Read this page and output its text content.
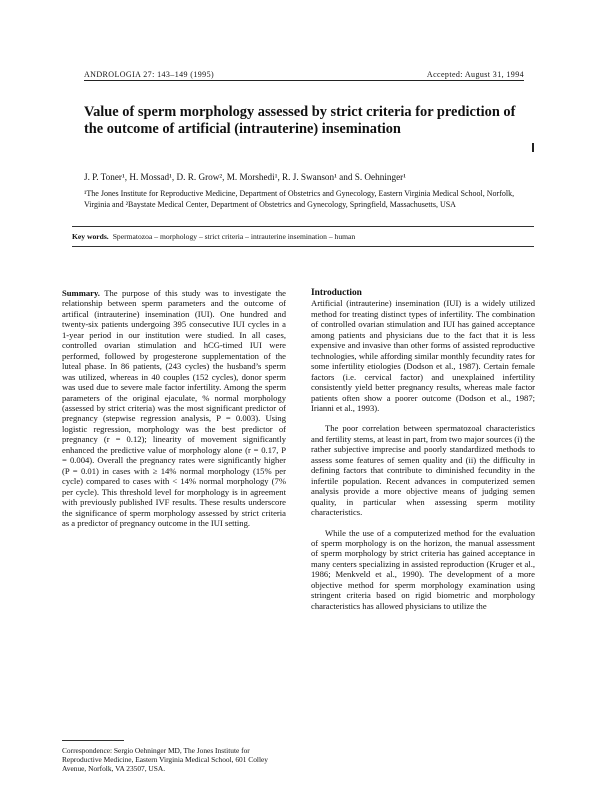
ANDROLOGIA 27: 143–149 (1995)	Accepted: August 31, 1994
Value of sperm morphology assessed by strict criteria for prediction of the outcome of artificial (intrauterine) insemination
J. P. Toner¹, H. Mossad¹, D. R. Grow², M. Morshedi¹, R. J. Swanson¹ and S. Oehninger¹
¹The Jones Institute for Reproductive Medicine, Department of Obstetrics and Gynecology, Eastern Virginia Medical School, Norfolk, Virginia and ²Baystate Medical Center, Department of Obstetrics and Gynecology, Springfield, Massachusetts, USA
Key words. Spermatozoa – morphology – strict criteria – intrauterine insemination – human

Summary. The purpose of this study was to investigate the relationship between sperm parameters and the outcome of artifical (intrauterine) insemination (IUI). One hundred and twenty-six patients undergoing 395 consecutive IUI cycles in a 1-year period in our institution were studied. In all cases, controlled ovarian stimulation and hCG-timed IUI were performed, followed by progesterone supplementation of the luteal phase. In 86 patients, (243 cycles) the husband’s sperm was utilized, whereas in 40 couples (152 cycles), donor sperm was used due to severe male factor infertility. Among the sperm parameters of the original ejaculate, % normal morphology (assessed by strict criteria) was the most significant predictor of pregnancy (stepwise regression analysis, P = 0.003). Using logistic regression, morphology was the best predictor of pregnancy (r = 0.12); linearity of movement significantly enhanced the predictive value of morphology alone (r = 0.17, P = 0.004). Overall the pregnancy rates were significantly higher (P = 0.01) in cases with ≥ 14% normal morphology (15% per cycle) compared to cases with < 14% normal morphology (7% per cycle). This threshold level for morphology is in agreement with previously published IVF results. These results underscore the significance of sperm morphology assessed by strict criteria as a predictor of pregnancy outcome in the IUI setting.

Introduction

Artificial (intrauterine) insemination (IUI) is a widely utilized method for treating distinct types of infertility. The combination of controlled ovarian stimulation and IUI has gained acceptance among patients and physicians due to the fact that it is less expensive and invasive than other forms of assisted reproductive technologies, while affording similar monthly fecundity rates for some infertility etiologies (Dodson et al., 1987). Certain female factors (i.e. cervical factor) and unexplained infertility consistently yield better pregnancy results, whereas male factor patients often show a poorer outcome (Dodson et al., 1987; Irianni et al., 1993).

The poor correlation between spermatozoal characteristics and fertility stems, at least in part, from two major sources (i) the rather subjective imprecise and poorly standardized methods to assess some features of semen quality and (ii) the difficulty in defining factors that contribute to diminished fecundity in the infertile population. Recent advances in computerized semen analysis provide a more objective means of judging semen quality, in particular when assessing sperm motility characteristics.

While the use of a computerized method for the evaluation of sperm morphology is on the horizon, the manual assessment of sperm morphology by strict criteria has gained acceptance in many centers specializing in assisted reproduction (Kruger et al., 1986; Menkveld et al., 1990). The development of a more objective method for sperm morphology examination using stringent criteria based on rigid biometric and morphology characteristics has allowed physicians to utilize the

Correspondence: Sergio Oehninger MD, The Jones Institute for Reproductive Medicine, Eastern Virginia Medical School, 601 Colley Avenue, Norfolk, VA 23507, USA.
